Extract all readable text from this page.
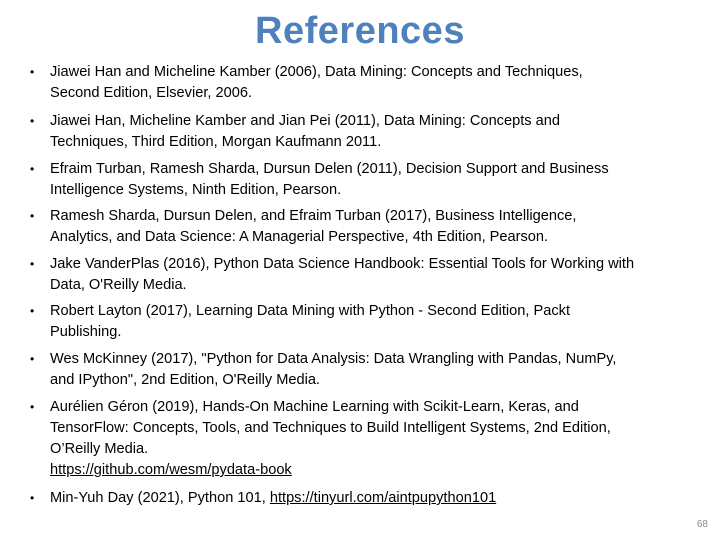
References
• Jiawei Han and Micheline Kamber (2006), Data Mining: Concepts and Techniques,
Second Edition, Elsevier, 2006.
• Jiawei Han, Micheline Kamber and Jian Pei (2011), Data Mining: Concepts and
Techniques, Third Edition, Morgan Kaufmann 2011.
• Efraim Turban, Ramesh Sharda, Dursun Delen (2011), Decision Support and Business
Intelligence Systems, Ninth Edition, Pearson.
• Ramesh Sharda, Dursun Delen, and Efraim Turban (2017), Business Intelligence,
Analytics, and Data Science: A Managerial Perspective, 4th Edition, Pearson.
• Jake VanderPlas (2016), Python Data Science Handbook: Essential Tools for Working with
Data, O'Reilly Media.
• Robert Layton (2017), Learning Data Mining with Python - Second Edition, Packt
Publishing.
• Wes McKinney (2017), "Python for Data Analysis: Data Wrangling with Pandas, NumPy,
and IPython", 2nd Edition, O'Reilly Media.
• Aurélien Géron (2019), Hands-On Machine Learning with Scikit-Learn, Keras, and
TensorFlow: Concepts, Tools, and Techniques to Build Intelligent Systems, 2nd Edition,
O’Reilly Media.
https://github.com/wesm/pydata-book
• Min-Yuh Day (2021), Python 101, https://tinyurl.com/aintpupython101
68
